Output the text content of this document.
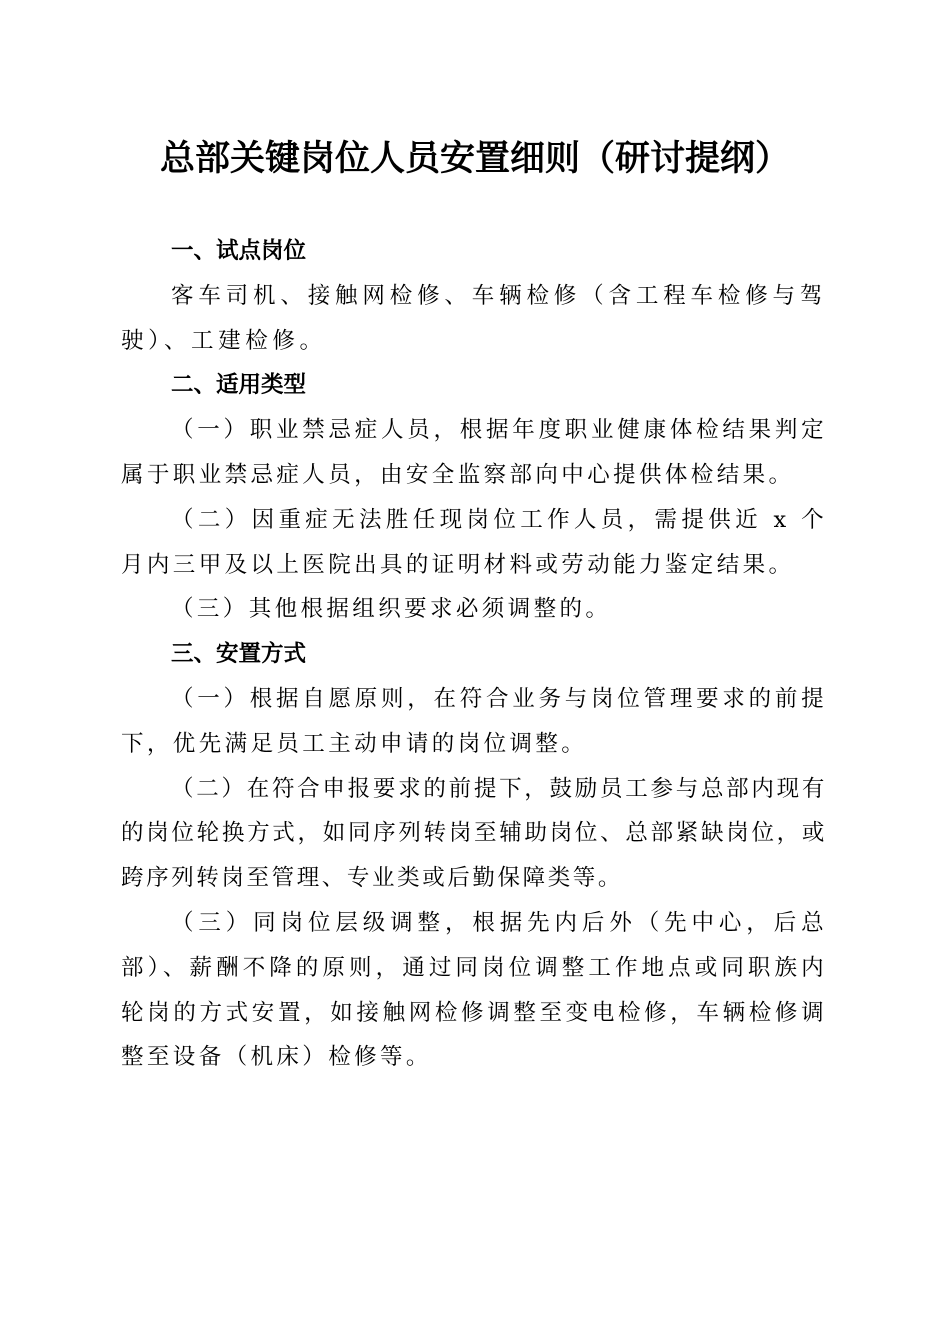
总部关键岗位人员安置细则（研讨提纲）

一、试点岗位

客车司机、接触网检修、车辆检修（含工程车检修与驾驶）、工建检修。

二、适用类型

（一）职业禁忌症人员，根据年度职业健康体检结果判定属于职业禁忌症人员，由安全监察部向中心提供体检结果。

（二）因重症无法胜任现岗位工作人员，需提供近 x 个月内三甲及以上医院出具的证明材料或劳动能力鉴定结果。

（三）其他根据组织要求必须调整的。

三、安置方式

（一）根据自愿原则，在符合业务与岗位管理要求的前提下，优先满足员工主动申请的岗位调整。

（二）在符合申报要求的前提下，鼓励员工参与总部内现有的岗位轮换方式，如同序列转岗至辅助岗位、总部紧缺岗位，或跨序列转岗至管理、专业类或后勤保障类等。

（三）同岗位层级调整，根据先内后外（先中心，后总部）、薪酬不降的原则，通过同岗位调整工作地点或同职族内轮岗的方式安置，如接触网检修调整至变电检修，车辆检修调整至设备（机床）检修等。
